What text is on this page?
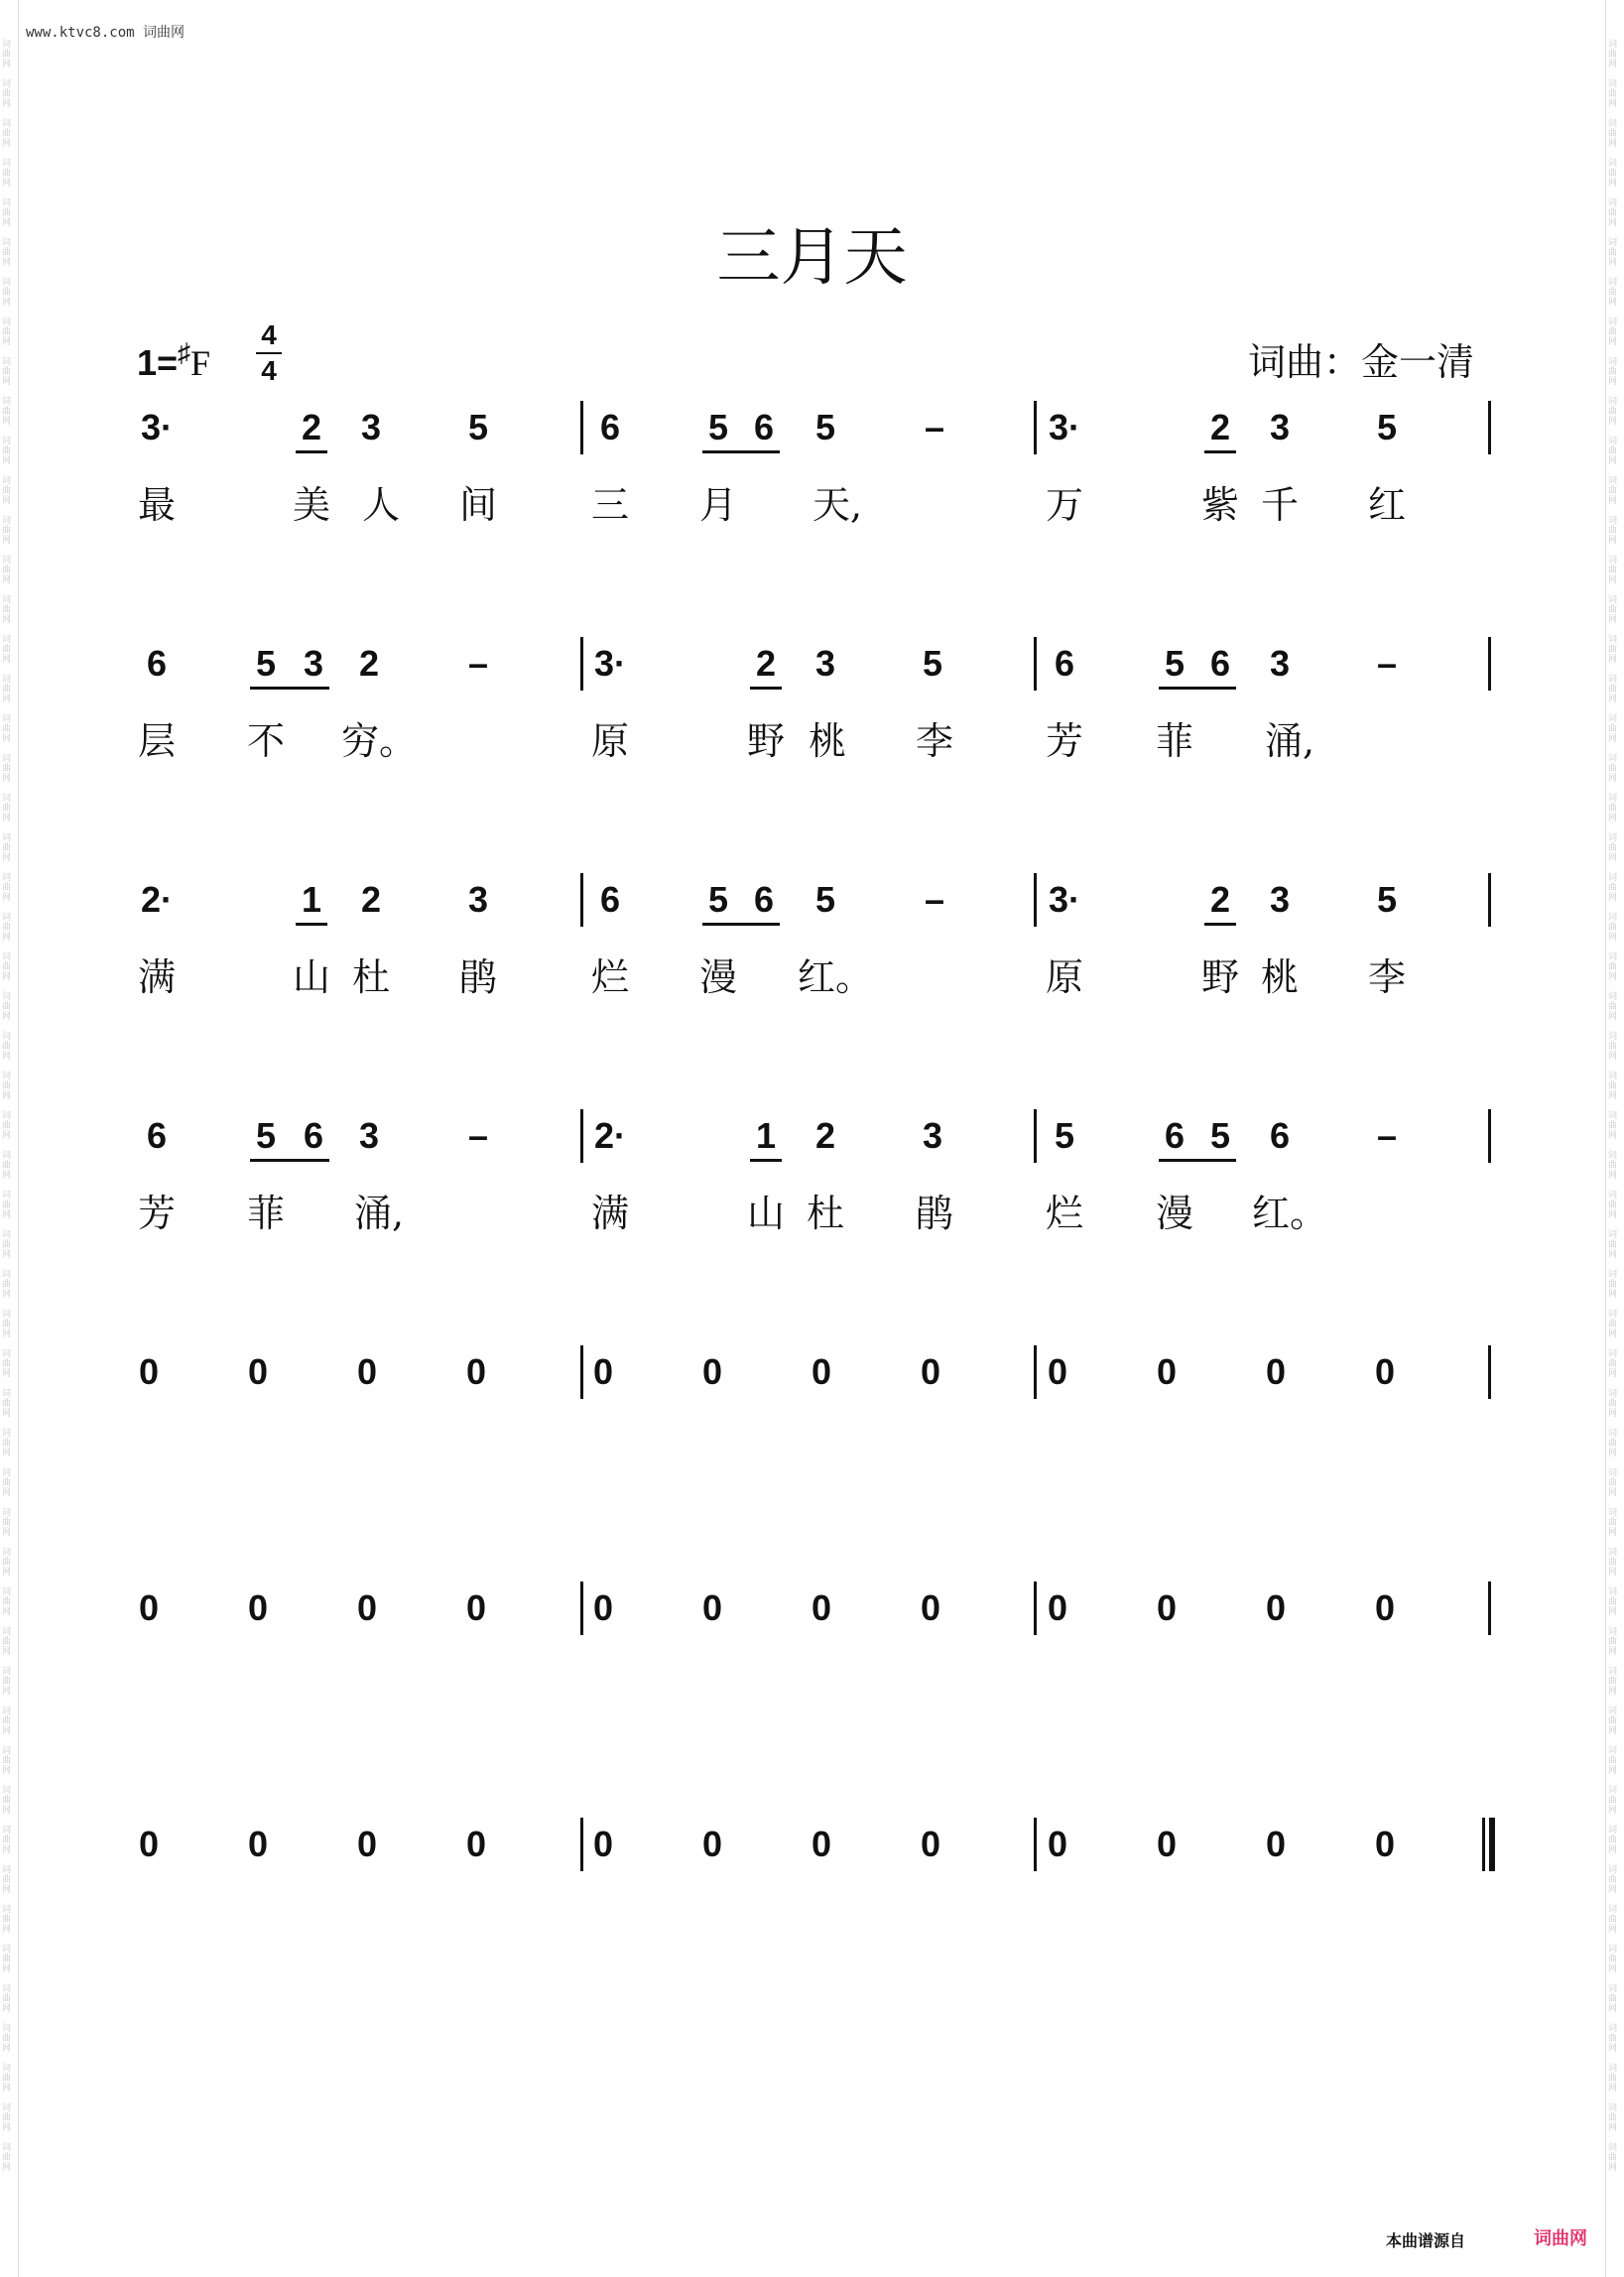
www.ktvc8.com 词曲网
词曲网
词曲网
词曲网
词曲网
词曲网
词曲网
词曲网
词曲网
词曲网
词曲网
词曲网
词曲网
词曲网
词曲网
词曲网
词曲网
词曲网
词曲网
词曲网
词曲网
词曲网
词曲网
词曲网
词曲网
词曲网
词曲网
词曲网
词曲网
词曲网
词曲网
词曲网
词曲网
词曲网
词曲网
词曲网
词曲网
词曲网
词曲网
词曲网
词曲网
词曲网
词曲网
词曲网
词曲网
词曲网
词曲网
词曲网
词曲网
词曲网
词曲网
词曲网
词曲网
词曲网
词曲网
词曲网
词曲网
词曲网
词曲网
词曲网
词曲网
词曲网
词曲网
词曲网
词曲网
词曲网
词曲网
词曲网
词曲网
词曲网
词曲网
词曲网
词曲网
词曲网
词曲网
词曲网
词曲网
词曲网
词曲网
词曲网
词曲网
词曲网
词曲网
词曲网
词曲网
词曲网
词曲网
词曲网
词曲网
词曲网
词曲网
词曲网
词曲网
词曲网
词曲网
词曲网
词曲网
词曲网
词曲网
词曲网
词曲网
词曲网
词曲网
词曲网
词曲网
词曲网
词曲网
词曲网
词曲网
三月天
1=♯F
4
4	词曲：金一清
3·	2 3 5	6 5 6 5 –	3·	2 3 5
最	美 人 间 三 月 天,	万	紫 千 红
6 5 3 2 –	3·	2 3 5	6	5 6 3 –
层 不 穷。	原	野 桃 李 芳 菲 涌,
2·	1 2 3	6 5 6 5 –	3·	2 3 5
满	山 杜 鹃 烂 漫 红。	原	野 桃 李
6 5 6 3 –	2·	1 2 3	5	6 5 6 –
芳 菲 涌,	满	山 杜 鹃 烂 漫 红。
0 0 0 0	0 0 0 0	0 0 0 0
0 0 0 0	0 0 0 0	0 0 0 0
0 0 0 0	0 0 0 0	0 0 0 0
本曲谱源自	词曲网
